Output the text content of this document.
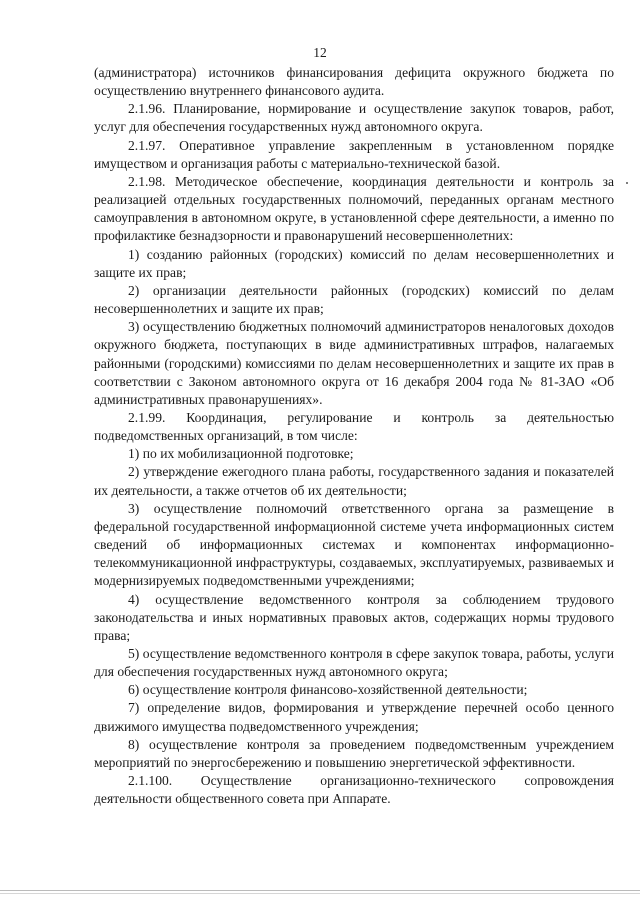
12

(администратора) источников финансирования дефицита окружного бюджета по осуществлению внутреннего финансового аудита.

2.1.96. Планирование, нормирование и осуществление закупок товаров, работ, услуг для обеспечения государственных нужд автономного округа.

2.1.97. Оперативное управление закрепленным в установленном порядке имуществом и организация работы с материально-технической базой.

2.1.98. Методическое обеспечение, координация деятельности и контроль за реализацией отдельных государственных полномочий, переданных органам местного самоуправления в автономном округе, в установленной сфере деятельности, а именно по профилактике безнадзорности и правонарушений несовершеннолетних:

1) созданию районных (городских) комиссий по делам несовершеннолетних и защите их прав;

2) организации деятельности районных (городских) комиссий по делам несовершеннолетних и защите их прав;

3) осуществлению бюджетных полномочий администраторов неналоговых доходов окружного бюджета, поступающих в виде административных штрафов, налагаемых районными (городскими) комиссиями по делам несовершеннолетних и защите их прав в соответствии с Законом автономного округа от 16 декабря 2004 года № 81-ЗАО «Об административных правонарушениях».

2.1.99. Координация, регулирование и контроль за деятельностью подведомственных организаций, в том числе:

1) по их мобилизационной подготовке;

2) утверждение ежегодного плана работы, государственного задания и показателей их деятельности, а также отчетов об их деятельности;

3) осуществление полномочий ответственного органа за размещение в федеральной государственной информационной системе учета информационных систем сведений об информационных системах и компонентах информационно-телекоммуникационной инфраструктуры, создаваемых, эксплуатируемых, развиваемых и модернизируемых подведомственными учреждениями;

4) осуществление ведомственного контроля за соблюдением трудового законодательства и иных нормативных правовых актов, содержащих нормы трудового права;

5) осуществление ведомственного контроля в сфере закупок товара, работы, услуги для обеспечения государственных нужд автономного округа;

6) осуществление контроля финансово-хозяйственной деятельности;

7) определение видов, формирования и утверждение перечней особо ценного движимого имущества подведомственного учреждения;

8) осуществление контроля за проведением подведомственным учреждением мероприятий по энергосбережению и повышению энергетической эффективности.

2.1.100. Осуществление организационно-технического сопровождения деятельности общественного совета при Аппарате.
